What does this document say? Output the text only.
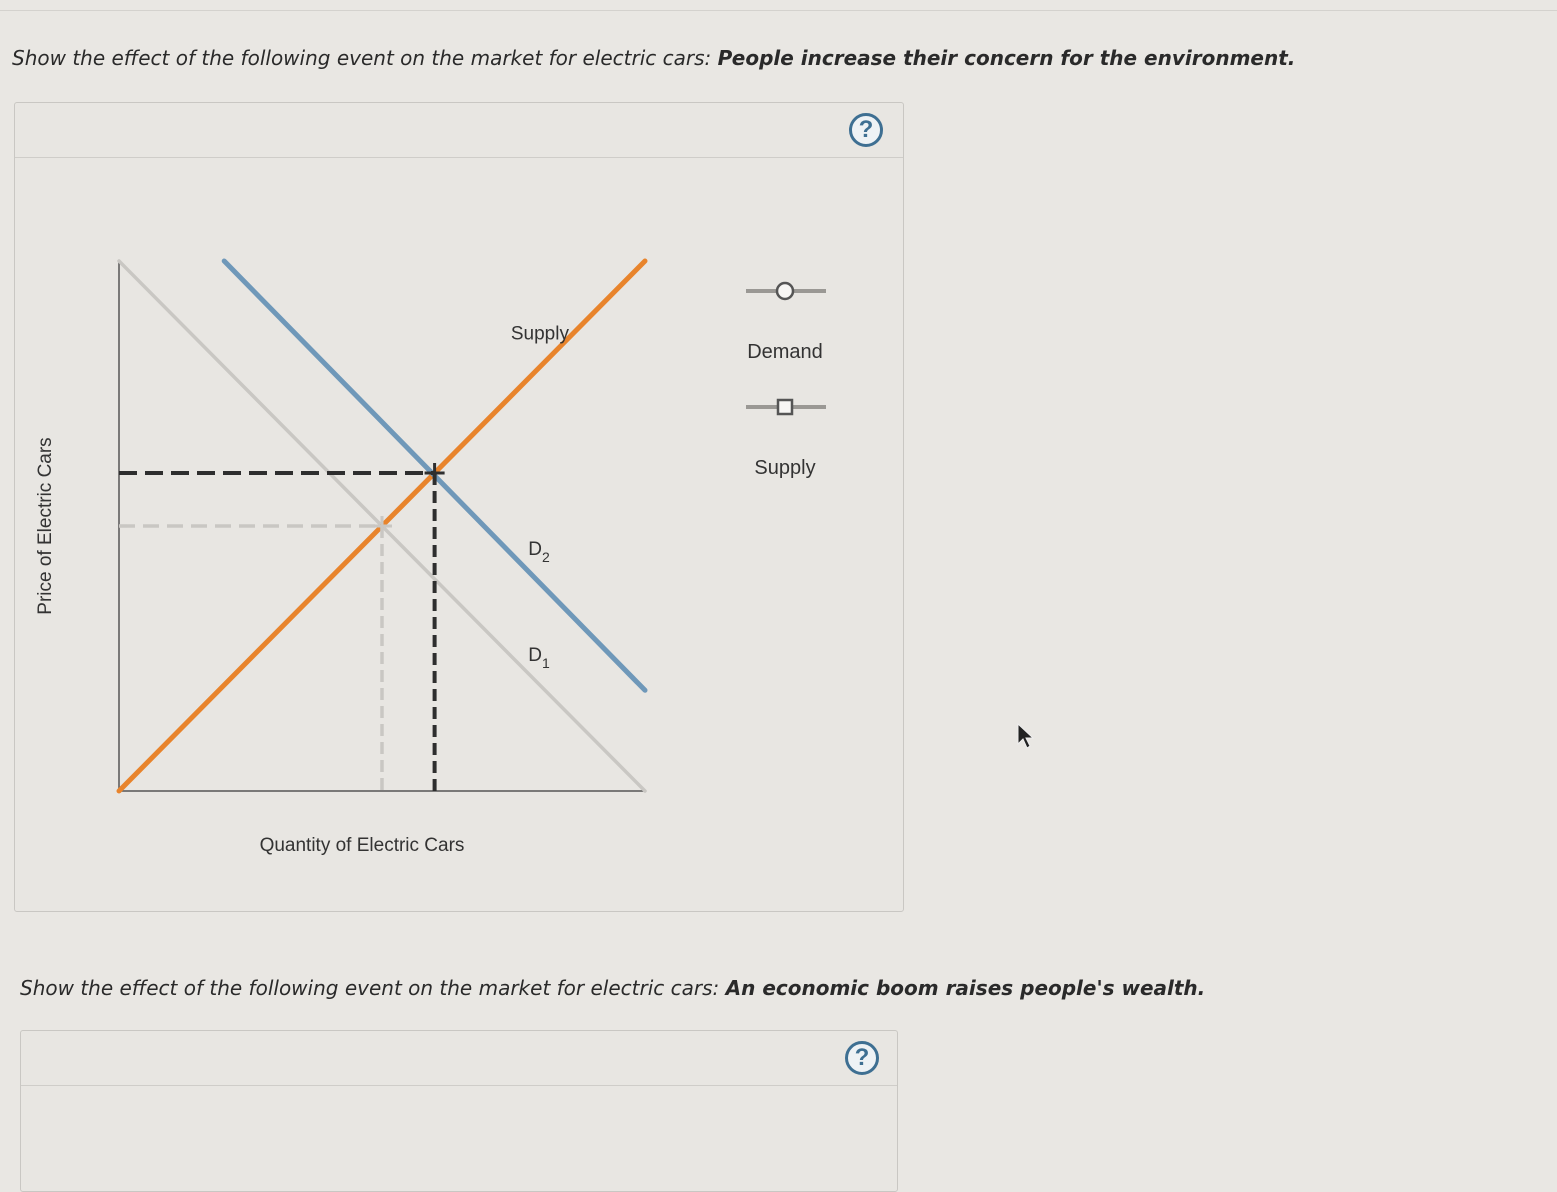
Show the effect of the following event on the market for electric cars: People increase their concern for the environment.
?
Quantity of Electric Cars
Price of Electric Cars
Supply
$D_2$
$D_1$
Demand
Supply
Show the effect of the following event on the market for electric cars: An economic boom raises people's wealth.
?
